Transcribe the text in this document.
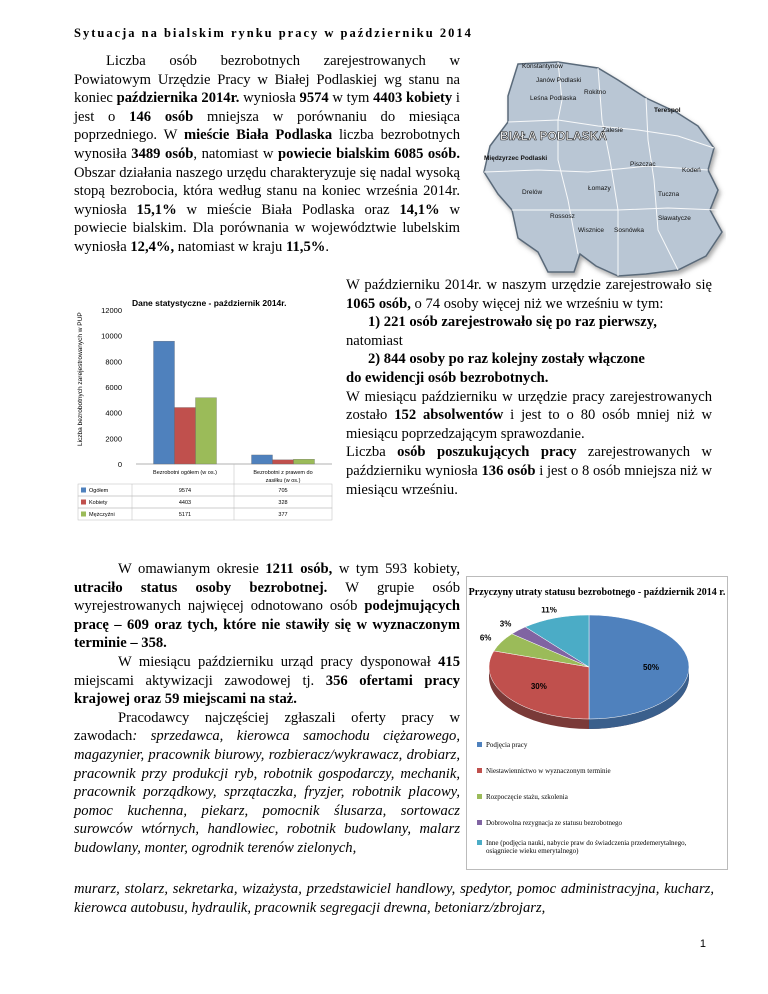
Sytuacja na bialskim rynku pracy w październiku 2014

Liczba osób bezrobotnych zarejestrowanych w Powiatowym Urzędzie Pracy w Białej Podlaskiej wg stanu na koniec października 2014r. wyniosła 9574 w tym 4403 kobiety i jest o 146 osób mniejsza w porównaniu do miesiąca poprzedniego. W mieście Biała Podlaska liczba bezrobotnych wynosiła 3489 osób, natomiast w powiecie bialskim 6085 osób. Obszar działania naszego urzędu charakteryzuje się nadal wysoką stopą bezrobocia, która według stanu na koniec września 2014r. wyniosła 15,1% w mieście Biała Podlaska oraz 14,1% w powiecie bialskim. Dla porównania w województwie lubelskim wyniosła 12,4%, natomiast w kraju 11,5%.

BIAŁA PODLASKA
Konstantynów
Janów Podlaski
Leśna Podlaska
Rokitno
Terespol
Zalesie
Międzyrzec Podlaski
Piszczac
Kodeń
Drelów
Łomazy
Tuczna
Rossosz
Wisznice Sosnówka
Sławatycze
Liczba bezrobotnych zarejestrowanych w PUP
Dane statystyczne - październik 2014r.
12000
10000
8000
6000
4000
2000
0
Bezrobotni ogółem (w os.)	Bezrobotni z prawem do
zasiłku (w os.)
Ogółem	9574	705
Kobiety	4403	328
Mężczyźni	5171	377

W październiku 2014r. w naszym urzędzie zarejestrowało się 1065 osób, o 74 osoby więcej niż we wrześniu w tym:

1) 221 osób zarejestrowało się po raz pierwszy,

natomiast

2) 844 osoby po raz kolejny zostały włączone

do ewidencji osób bezrobotnych.

W miesiącu październiku w urzędzie pracy zarejestrowanych zostało 152 absolwentów i jest to o 80 osób mniej niż w miesiącu poprzedzającym sprawozdanie.

Liczba osób poszukujących pracy zarejestrowanych w październiku wyniosła 136 osób i jest o 8 osób mniejsza niż w miesiącu wrześniu.

W omawianym okresie 1211 osób, w tym 593 kobiety, utraciło status osoby bezrobotnej. W grupie osób wyrejestrowanych najwięcej odnotowano osób podejmujących pracę – 609 oraz tych, które nie stawiły się w wyznaczonym terminie – 358.

W miesiącu październiku urząd pracy dysponował 415 miejscami aktywizacji zawodowej tj. 356 ofertami pracy krajowej oraz 59 miejscami na staż.

Pracodawcy najczęściej zgłaszali oferty pracy w zawodach: sprzedawca, kierowca samochodu ciężarowego, magazynier, pracownik biurowy, rozbieracz/wykrawacz, drobiarz, pracownik przy produkcji ryb, robotnik gospodarczy, mechanik, pracownik porządkowy, sprzątaczka, fryzjer, robotnik placowy, pomoc kuchenna, piekarz, pomocnik ślusarza, sortowacz surowców wtórnych, handlowiec, robotnik budowlany, malarz budowlany, monter, ogrodnik terenów zielonych,

murarz, stolarz, sekretarka, wizażysta, przedstawiciel handlowy, spedytor, pomoc administracyjna, kucharz, kierowca autobusu, hydraulik, pracownik segregacji drewna, betoniarz/zbrojarz,

Przyczyny utraty statusu bezrobotnego - październik 2014 r.
50%
30%
6%
3%
11%
Podjęcia pracy
Niestawiennictwo w wyznaczonym terminie
Rozpoczęcie stażu, szkolenia
Dobrowolna rezygnacja ze statusu bezrobotnego
Inne (podjęcia nauki, nabycie praw do świadczenia przedemerytalnego, osiągniecie wieku emerytalnego)
1
